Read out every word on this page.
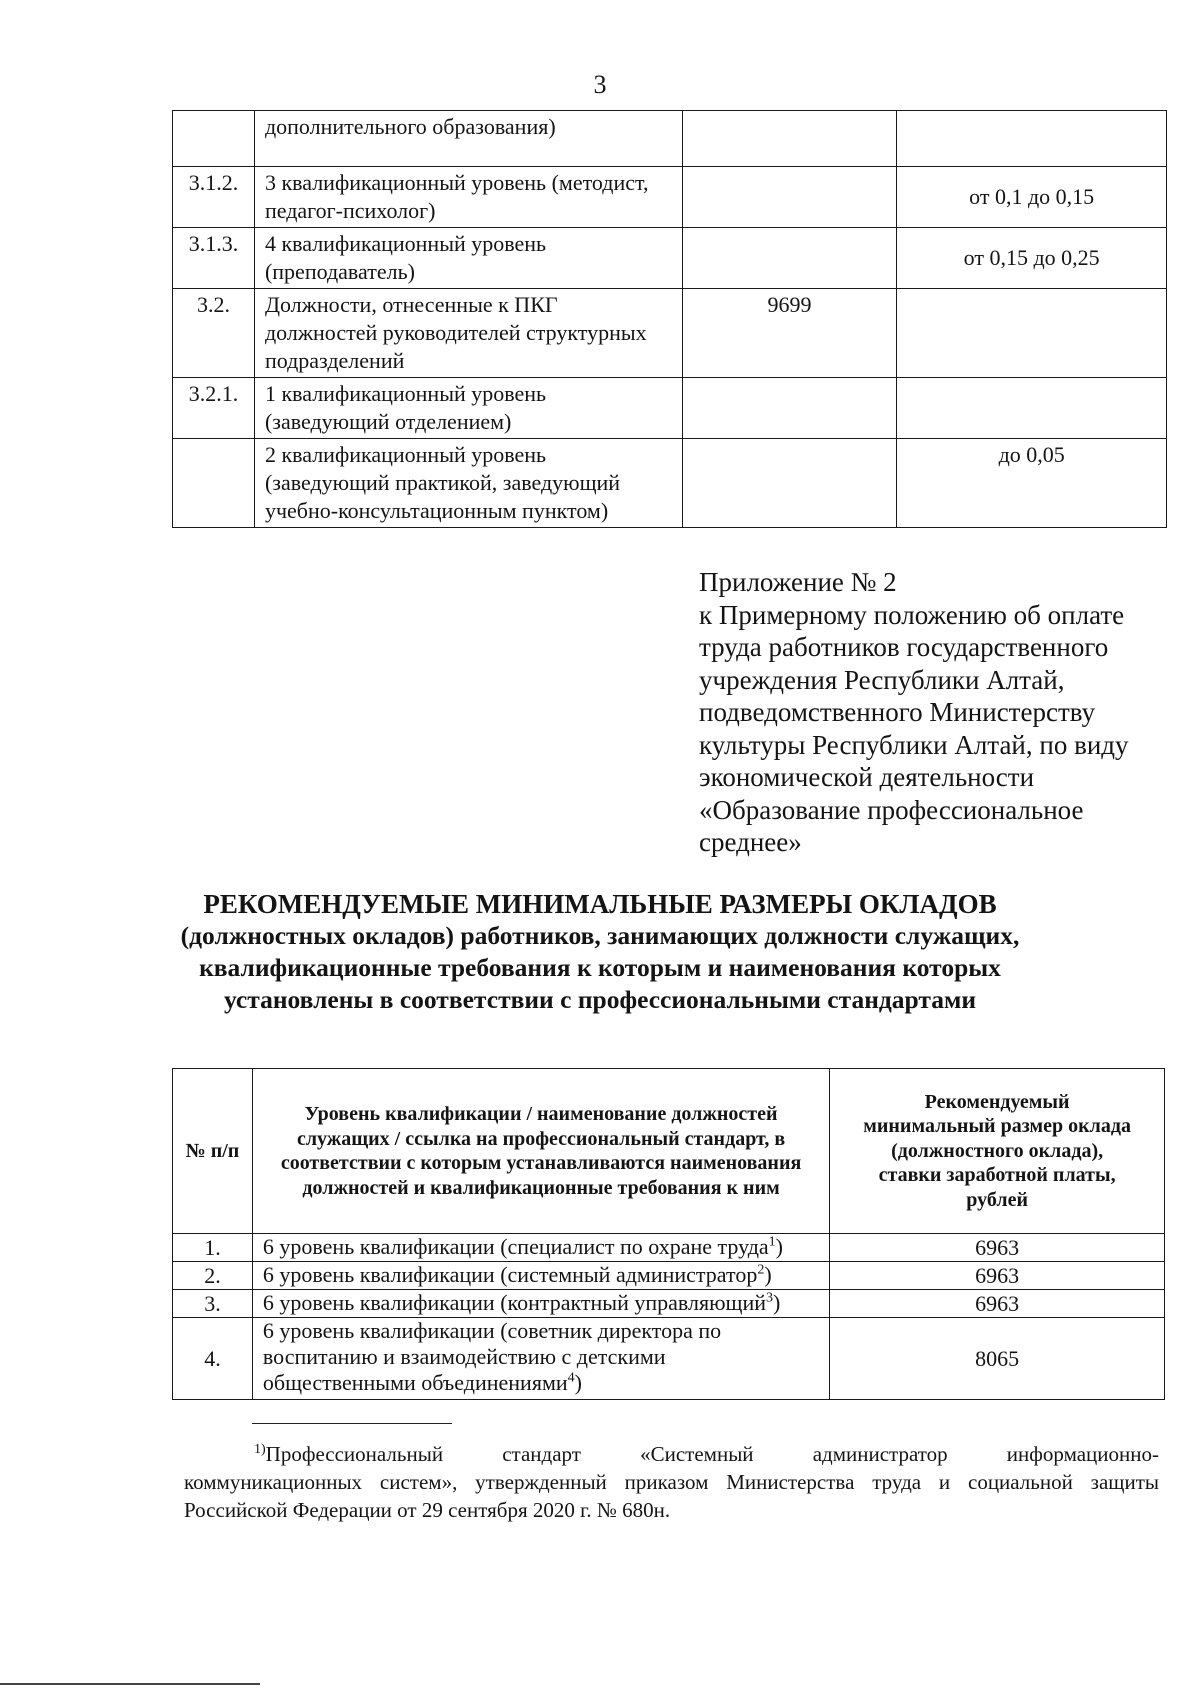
3

	дополнительного образования)		

3.1.2.	3 квалификационный уровень (методист,
педагог-психолог)		от 0,1 до 0,15
3.1.3.	4 квалификационный уровень
(преподаватель)		от 0,15 до 0,25
3.2.	Должности, отнесенные к ПКГ
должностей руководителей структурных
подразделений	9699	
3.2.1.	1 квалификационный уровень
(заведующий отделением)		

	2 квалификационный уровень
(заведующий практикой, заведующий
учебно-консультационным пунктом)		до 0,05
Приложение № 2
к Примерному положению об оплате
труда работников государственного
учреждения Республики Алтай,
подведомственного Министерству
культуры Республики Алтай, по виду
экономической деятельности
«Образование профессиональное
среднее»
РЕКОМЕНДУЕМЫЕ МИНИМАЛЬНЫЕ РАЗМЕРЫ ОКЛАДОВ
(должностных окладов) работников, занимающих должности служащих,
квалификационные требования к которым и наименования которых
установлены в соответствии с профессиональными стандартами
№ п/п	Уровень квалификации / наименование должностей служащих / ссылка на профессиональный стандарт, в соответствии с которым устанавливаются наименования должностей и квалификационные требования к ним	Рекомендуемый минимальный размер оклада (должностного оклада), ставки заработной платы, рублей
1.	6 уровень квалификации (специалист по охране труда$^1$)	6963
2.	6 уровень квалификации (системный администратор$^2$)	6963
3.	6 уровень квалификации (контрактный управляющий$^3$)	6963
4.	6 уровень квалификации (советник директора по воспитанию и взаимодействию с детскими общественными объединениями$^4$)	8065
$^{1)}$Профессиональный стандарт «Системный администратор информационно-
коммуникационных систем», утвержденный приказом Министерства труда и социальной защиты Российской Федерации от 29 сентября 2020 г. № 680н.
